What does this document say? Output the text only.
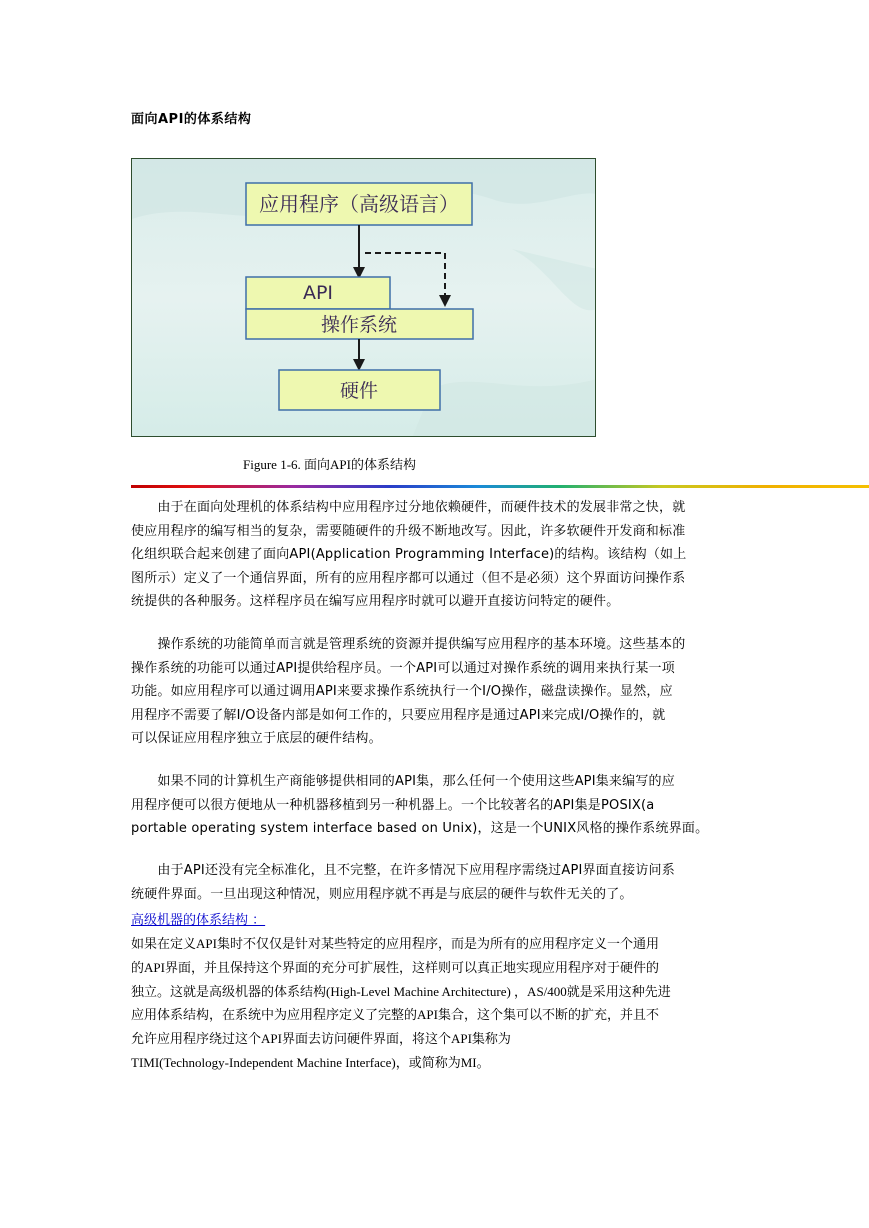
面向API的体系结构
应用程序（高级语言）
API
操作系统
硬件
Figure 1-6. 面向API的体系结构
　　由于在面向处理机的体系结构中应用程序过分地依赖硬件，而硬件技术的发展非常之快，就
使应用程序的编写相当的复杂，需要随硬件的升级不断地改写。因此，许多软硬件开发商和标准
化组织联合起来创建了面向API(Application Programming Interface)的结构。该结构（如上
图所示）定义了一个通信界面，所有的应用程序都可以通过（但不是必须）这个界面访问操作系
统提供的各种服务。这样程序员在编写应用程序时就可以避开直接访问特定的硬件。
　　操作系统的功能简单而言就是管理系统的资源并提供编写应用程序的基本环境。这些基本的
操作系统的功能可以通过API提供给程序员。一个API可以通过对操作系统的调用来执行某一项
功能。如应用程序可以通过调用API来要求操作系统执行一个I/O操作，磁盘读操作。显然，应
用程序不需要了解I/O设备内部是如何工作的，只要应用程序是通过API来完成I/O操作的，就
可以保证应用程序独立于底层的硬件结构。
　　如果不同的计算机生产商能够提供相同的API集，那么任何一个使用这些API集来编写的应
用程序便可以很方便地从一种机器移植到另一种机器上。一个比较著名的API集是POSIX(a
portable operating system interface based on Unix)，这是一个UNIX风格的操作系统界面。
　　由于API还没有完全标准化，且不完整，在许多情况下应用程序需绕过API界面直接访问系
统硬件界面。一旦出现这种情况，则应用程序就不再是与底层的硬件与软件无关的了。
高级机器的体系结构 ：
如果在定义API集时不仅仅是针对某些特定的应用程序，而是为所有的应用程序定义一个通用
的API界面，并且保持这个界面的充分可扩展性，这样则可以真正地实现应用程序对于硬件的
独立。这就是高级机器的体系结构(High-Level Machine Architecture) ，AS/400就是采用这种先进
应用体系结构，在系统中为应用程序定义了完整的API集合，这个集可以不断的扩充，并且不
允许应用程序绕过这个API界面去访问硬件界面，将这个API集称为
TIMI(Technology-Independent Machine Interface)，或简称为MI。
